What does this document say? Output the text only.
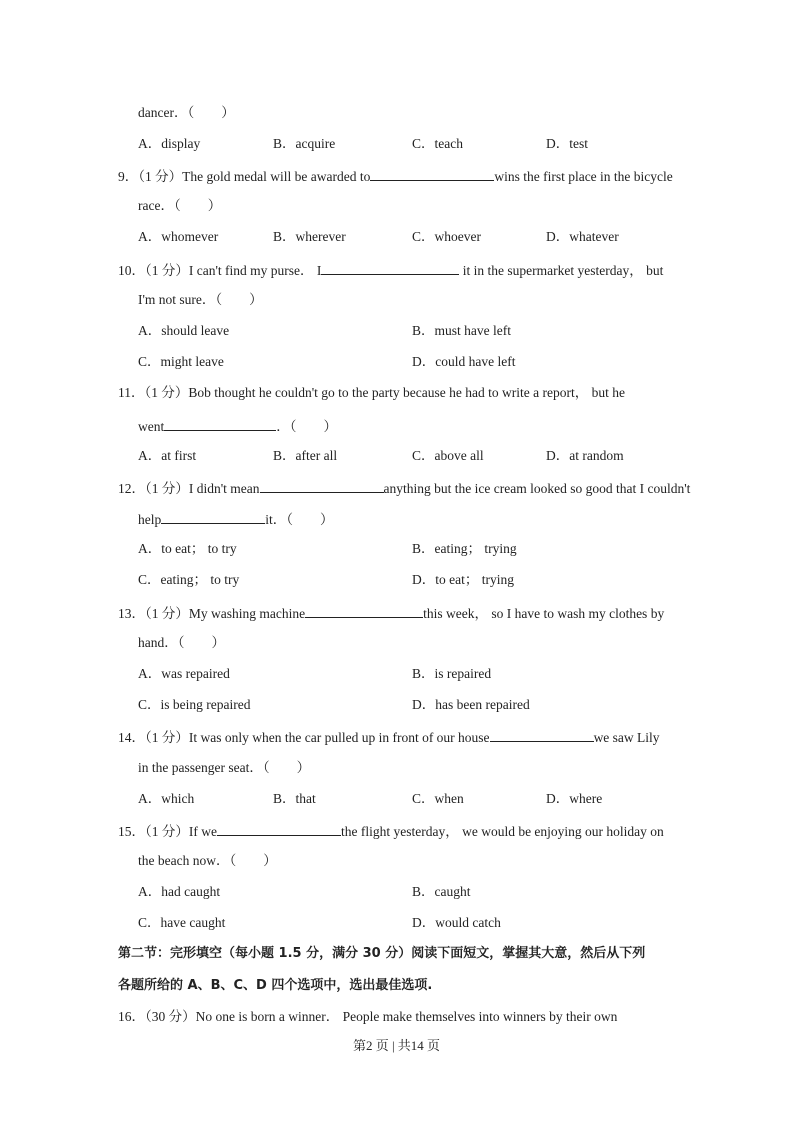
dancer．（　　）
A．display	B．acquire	C．teach	D．test
9．（1 分）The gold medal will be awarded to	wins the first place in the bicycle
race．（　　）
A．whomever	B．wherever	C．whoever	D．whatever
10．（1 分）I can't find my purse． I	it in the supermarket yesterday， but
I'm not sure．（　　）
A．should leave	B．must have left
C．might leave	D．could have left
11．（1 分）Bob thought he couldn't go to the party because he had to write a report， but he
went	．（　　）
A．at first	B．after all	C．above all	D．at random
12．（1 分）I didn't mean	anything but the ice cream looked so good that I couldn't
help	it．（　　）
A．to eat； to try	B．eating； trying
C．eating； to try	D．to eat； trying
13．（1 分）My washing machine	this week， so I have to wash my clothes by
hand．（　　）
A．was repaired	B．is repaired
C．is being repaired	D．has been repaired
14．（1 分）It was only when the car pulled up in front of our house	we saw Lily
in the passenger seat．（　　）
A．which	B．that	C．when	D．where
15．（1 分）If we	the flight yesterday， we would be enjoying our holiday on
the beach now．（　　）
A．had caught	B．caught
C．have caught	D．would catch
第二节：完形填空（每小题 1.5 分，满分 30 分）阅读下面短文，掌握其大意，然后从下列
各题所给的 A、B、C、D 四个选项中，选出最佳选项.
16．（30 分）No one is born a winner． People make themselves into winners by their own
第2 页 | 共14 页
